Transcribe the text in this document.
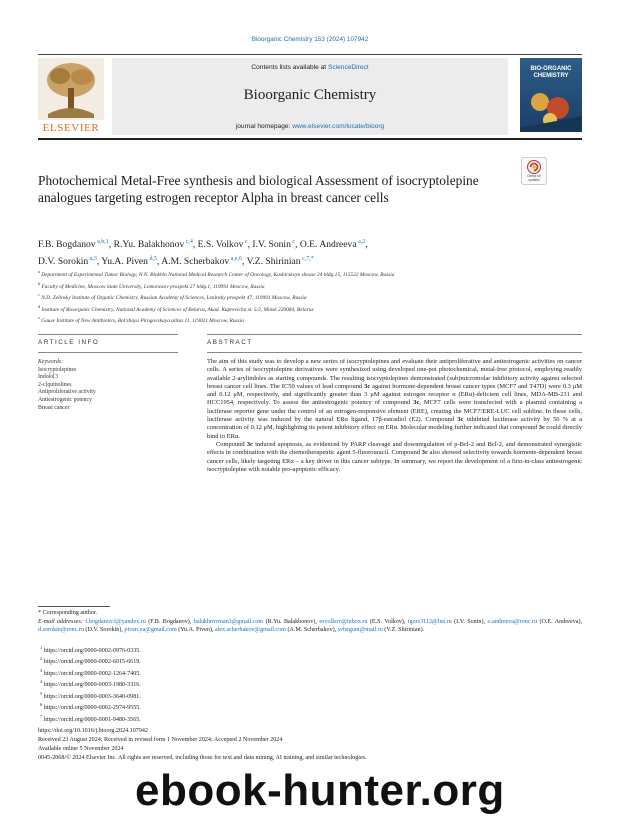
Bioorganic Chemistry 153 (2024) 107942
ELSEVIER
Contents lists available at ScienceDirect
Bioorganic Chemistry
journal homepage: www.elsevier.com/locate/bioorg
BIO-ORGANIC CHEMISTRY
Check for updates
Photochemical Metal-Free synthesis and biological Assessment of isocryptolepine analogues targeting estrogen receptor Alpha in breast cancer cells
F.B. Bogdanov $^{a,b,1}$, R.Yu. Balakhonov $^{c,4}$, E.S. Volkov $^c$, I.V. Sonin $^c$, O.E. Andreeva $^{a,2}$,
D.V. Sorokin $^{a,3}$, Yu.A. Piven $^{d,5}$, A.M. Scherbakov $^{a,e,6}$, V.Z. Shirinian $^{c,7,*}$
$^a$ Department of Experimental Tumor Biology, N.N. Blokhin National Medical Research Center of Oncology, Kashirskoye shosse 24 bldg.15, 115522 Moscow, Russia
$^b$ Faculty of Medicine, Moscow State University, Lomonosov prospekt 27 bldg.1, 119991 Moscow, Russia
$^c$ N.D. Zelinsky Institute of Organic Chemistry, Russian Academy of Sciences, Leninsky prospekt 47, 119991 Moscow, Russia
$^d$ Institute of Bioorganic Chemistry, National Academy of Sciences of Belarus, Akad. Kuprevicha st. 5/2, Minsk 220084, Belarus
$^e$ Gause Institute of New Antibiotics, Bol'shaya Pirogovskaya ulitsa 11, 119021 Moscow, Russia
ARTICLE INFO
Keywords:
Isocryptolepines
Indolo[3
2-c]quinolines
Antiproliferative activity
Antiestrogenic potency
Breast cancer
ABSTRACT

The aim of this study was to develop a new series of isocryptolepines and evaluate their antiproliferative and antiestrogenic activities on cancer cells. A series of isocryptolepine derivatives were synthesized using developed one-pot photochemical, metal-free protocol, employing readily available 2-arylindoles as starting compounds. The resulting isocryptolepines demonstrated (sub)micromolar inhibitory activity against selected breast cancer cell lines. The IC50 values of lead compound 3c against hormone-dependent breast cancer types (MCF7 and T47D) were 0.3 μM and 0.12 μM, respectively, and significantly greater than 3 μM against estrogen receptor α (ERα)-deficient cell lines, MDA-MB-231 and HCC1954, respectively. To assess the antiestrogenic potency of compound 3c, MCF7 cells were transfected with a plasmid containing a luciferase reporter gene under the control of an estrogen-responsive element (ERE), creating the MCF7/ERE-LUC cell subline. In these cells, luciferase activity was induced by the natural ERα ligand, 17β-estradiol (E2). Compound 3c inhibited luciferase activity by 50 % at a concentration of 0.12 μM, highlighting its potent inhibitory effect on ERα. Molecular modeling further indicated that compound 3c could directly bind to ERα.

Compound 3c induced apoptosis, as evidenced by PARP cleavage and downregulation of p-Bcl-2 and Bcl-2, and demonstrated synergistic effects in combination with the chemotherapeutic agent 5-fluorouracil. Compound 3c also showed selectivity towards hormone-dependent breast cancer cells, likely targeting ERα – a key driver in this cancer subtype. In summary, we report the development of a first-in-class antiestrogenic isocryptolepine with notable pro-apoptotic efficacy.

* Corresponding author.
E-mail addresses: f.bogdanov.f@yandex.ru (F.B. Bogdanov), balakhnvrman3@gmail.com (R.Yu. Balakhonov), esvolkov@inbox.ru (E.S. Volkov), igors3112@list.ru (I.V. Sonin), o.andreeva@ronc.ru (O.E. Andreeva), d.sorokin@ronc.ru (D.V. Sorokin), piven.ya@gmail.com (Yu.A. Piven), alex.scherbakov@gmail.com (A.M. Scherbakov), svbegunt@mail.ru (V.Z. Shirinian).
$^1$ https://orcid.org/0000-0002-0976-0335.
$^2$ https://orcid.org/0000-0002-6015-6619.
$^3$ https://orcid.org/0000-0002-1264-7405.
$^4$ https://orcid.org/0000-0003-1980-3316.
$^5$ https://orcid.org/0000-0003-3640-0981.
$^6$ https://orcid.org/0000-0002-2974-9555.
$^7$ https://orcid.org/0000-0001-9480-3565.
https://doi.org/10.1016/j.bioorg.2024.107942
Received 23 August 2024; Received in revised form 1 November 2024; Accepted 2 November 2024
Available online 5 November 2024
0045-2068/© 2024 Elsevier Inc. All rights are reserved, including those for text and data mining, AI training, and similar technologies.
ebook-hunter.org
